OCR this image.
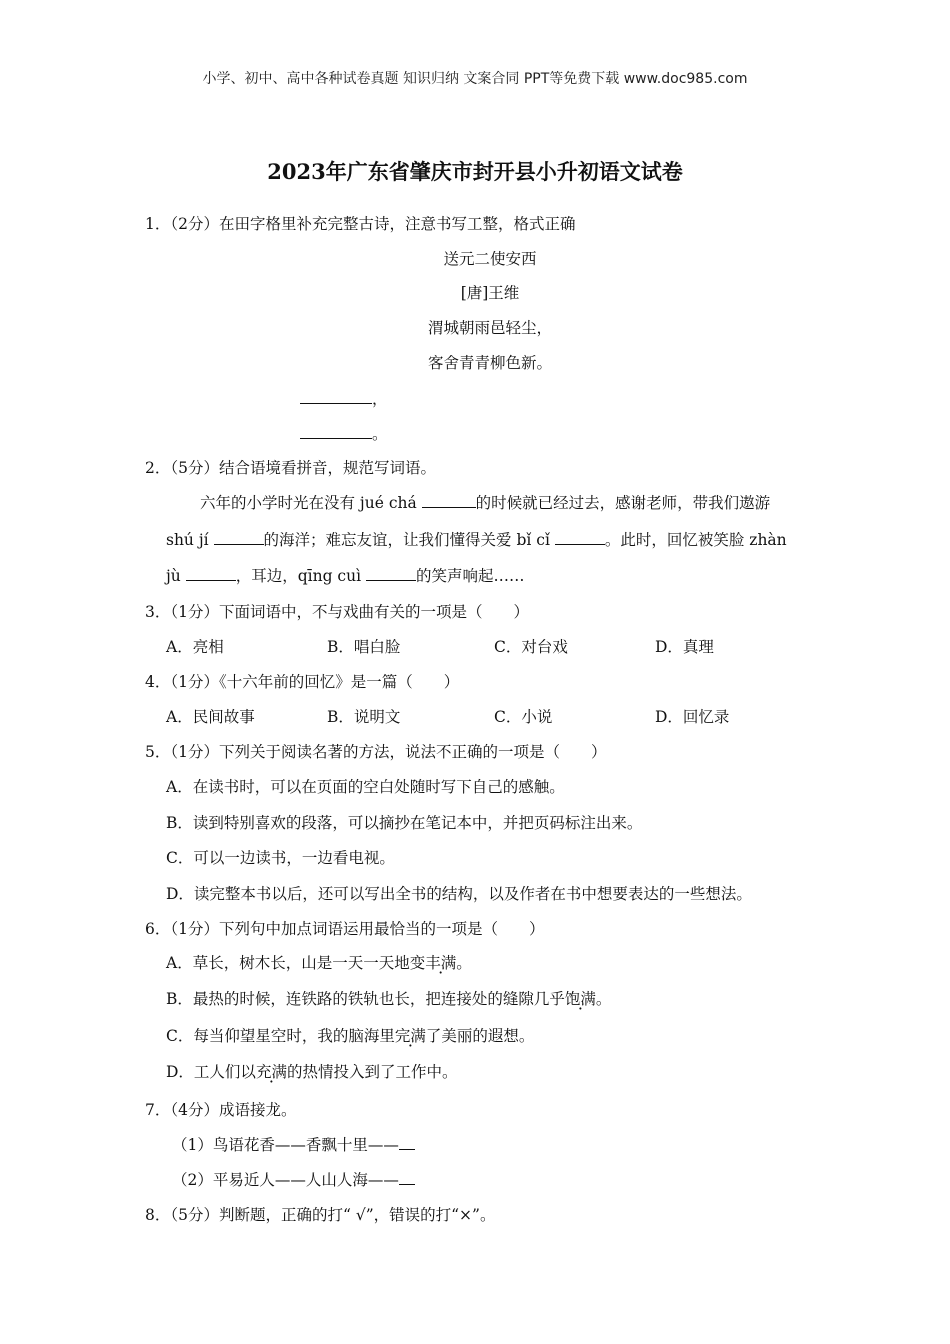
小学、初中、高中各种试卷真题 知识归纳 文案合同 PPT等免费下载 www.doc985.com
2023年广东省肇庆市封开县小升初语文试卷
1．（2分）在田字格里补充完整古诗，注意书写工整，格式正确
送元二使安西
[唐]王维
渭城朝雨邑轻尘，
客舍青青柳色新。
，
。
2．（5分）结合语境看拼音，规范写词语。
六年的小学时光在没有 jué chá	的时候就已经过去，感谢老师，带我们遨游
shú jí	的海洋；难忘友谊，让我们懂得关爱 bǐ cǐ	。此时，回忆被笑脸 zhàn
jù	，耳边，qīng cuì	的笑声响起……
3．（1分）下面词语中，不与戏曲有关的一项是（　　）
A．亮相	B．唱白脸	C．对台戏	D．真理
4．（1分）《十六年前的回忆》是一篇（　　）
A．民间故事	B．说明文	C．小说	D．回忆录
5．（1分）下列关于阅读名著的方法，说法不正确的一项是（　　）
A．在读书时，可以在页面的空白处随时写下自己的感触。
B．读到特别喜欢的段落，可以摘抄在笔记本中，并把页码标注出来。
C．可以一边读书，一边看电视。
D．读完整本书以后，还可以写出全书的结构，以及作者在书中想要表达的一些想法。
6．（1分）下列句中加点词语运用最恰当的一项是（　　）
A．草长，树木长，山是一天一天地变丰满。
B．最热的时候，连铁路的铁轨也长，把连接处的缝隙几乎饱满。
C．每当仰望星空时，我的脑海里完满了美丽的遐想。
D．工人们以充满的热情投入到了工作中。
7．（4分）成语接龙。
（1）鸟语花香——香飘十里——
（2）平易近人——人山人海——
8．（5分）判断题，正确的打“ √”，错误的打“×”。
